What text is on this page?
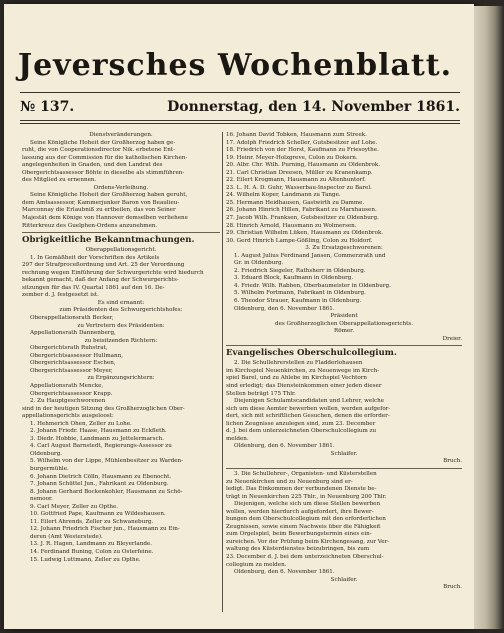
Jeversches Wochenblatt.
№ 137.	Donnerstag, den 14. November 1861.
Dienstveränderungen.
Seine Königliche Hoheit der Großherzog haben ge-
ruht, die von Cooperationsdirector Nik. erbetene Ent-
lassung aus der Commission für die katholischen Kirchen-
angelegenheiten in Gnaden, und den Landrat des
Obergerichtsassessor Böhte in dieselbe als stimmführen-
des Mitglied zu ernennen.
Ordens-Verleihung.
Seine Königliche Hoheit der Großherzog haben geruht,
dem Amtsassessor, Kammerjunker Baron von Beaulieu-
Marconnay die Erlaubniß zu ertheilen, das von Seiner
Majestät dem Könige von Hannover demselben verliehene
Ritterkreuz des Guelphen-Ordens anzunehmen.
Obrigkeitliche Bekanntmachungen.
Oberappellationsgericht.
1. In Gemäßheit der Vorschriften des Artikels
297 der Strafproceßordnung und Art. 25 der Verordnung
rechnung wegen Einführung der Schwurgerichte wird hiedurch
bekannt gemacht, daß der Anfang der Schwurgerichts-
sitzungen für das IV. Quartal 1861 auf den 16. De-
zember d. J. festgesetzt ist.
Es sind ernannt:
zum Präsidenten des Schwurgerichtshofes:
Oberappellationsrath Becker,
zu Vertretern des Präsidenten:
Appellationsrath Dannenberg,
zu beisitzenden Richtern:
Obergerichtsrath Ruhstrat,
Obergerichtsassessor Hullmann,
Obergerichtsassessor Eschen,
Obergerichtsassessor Meyer,
zu Ergänzungsrichtern:
Appellationsrath Mencke,
Obergerichtsassessor Krapp.
2. Zu Hauptgeschworenen
sind in der heutigen Sitzung des Großherzoglichen Ober-
appellationsgerichts ausgeloost:
1. Hehmerich Ohen, Zeller zu Lohe.
2. Johann Friedr. Haase, Hausmann zu Eckfleth.
3. Diedr. Hobbie, Landmann zu Jettelermarsch.
4. Carl August Barnstedt, Regierungs-Assessor zu
Oldenburg.
5. Wilhelm von der Lippe, Mühlenbesitzer zu Warden-
burgermühle.
6. Johann Dietrich Cölln, Hausmann zu Ebenocht.
7. Johann Schüttel Jun., Fabrikant zu Oldenburg.
8. Johann Gerhard Bockenkohler, Hausmann zu Schö-
nemoor.
9. Carl Meyer, Zeller zu Opthe.
10. Gottfried Pape, Kaufmann zu Wildeshausen.
11. Eilert Ahrends, Zeller zu Schwaneburg.
12. Johann Friedrich Fischer jun., Hausmann zu Ein-
deren (Amt Westerstede).
13. J. R. Hagen, Landmann zu Bleyerlande.
14. Ferdinand Buning, Colon zu Osterfeine.
15. Ludwig Luttmann, Zeller zu Opthe.
16. Johann David Tobken, Hausmann zum Streek.
17. Adolph Friedrich Scheller, Gutsbesitzer auf Lohe.
18. Friedrich von der Horst, Kaufmann zu Friesoythe.
19. Heinr. Meyer-Holzgreve, Colon zu Dokern.
20. Albr. Chr. Wilh. Purning, Hausmann zu Oldenbrok.
21. Carl Christian Dreesen, Müller zu Kranenkamp.
22. Eilert Krogmann, Hausmann zu Altenhuntorf.
23. L. H. A. D. Guhr, Wasserbau-Inspector zu Barel.
24. Wilhelm Koper, Landmann zu Tange.
25. Hermann Heidhausen, Gastwirth zu Damme.
26. Johann Hinrich Hillen, Fabrikant zu Marxhausen.
27. Jacob Wilh. Franksen, Gutsbesitzer zu Oldenburg.
28. Hinrich Arnold, Hausmann zu Wolmersen.
29. Christian Wilhelm Lüken, Hausmann zu Oldenbrok.
30. Gerd Hinrich Lampe-Gößling, Colon zu Holdorf.
3. Zu Ersatzgeschworenen:
1. August Julius Ferdinand Jansen, Commerzrath und
Gr. in Oldenburg.
2. Friedrich Siegeler, Rathsherr in Oldenburg.
3. Eduard Block, Kaufmann in Oldenburg.
4. Friedr. Wilh. Rabben, Oberbaumeister in Oldenburg.
5. Wilhelm Fortmann, Fabrikant in Oldenburg.
6. Theodor Strauer, Kaufmann in Oldenburg.
Oldenburg, den 6. November 1861.
Präsident
des Großherzoglichen Oberappellationsgerichts.
Römer.
Dreier.
Evangelisches Oberschulcollegium.
2. Die Schullehrerstellen zu Fladderlohausen
im Kirchspiel Neuenkirchen, zu Neuenwege im Kirch-
spiel Barel, und zu Ahlebe im Kirchspiel Vechtorn
sind erledigt; das Diensteinkommen einer jeden dieser
Stellen beträgt 175 Thlr.
Diejenigen Schulamtscandidaten und Lehrer, welche
sich um diese Aemter bewerben wollen, werden aufgefor-
dert, sich mit schriftlichen Gesuchen, denen die erforder-
lichen Zeugnisse anzulegen sind, zum 23. December
d. J. bei dem unterzeichneten Oberschulcollegium zu
melden.
Oldenburg, den 6. November 1861.
Schlaifer.
Bruch.
3. Die Schullehrer-, Organisten- und Küsterstellen
zu Neuenkirchen und zu Neuenburg sind er-
ledigt. Das Einkommen der verbundenen Dienste be-
trägt in Neuenkirchen 225 Thlr., in Neuenburg 200 Thlr.
Diejenigen, welche sich um diese Stellen bewerben
wollen, werden hierdurch aufgefordert, ihre Bewer-
bungen dem Oberschulcollegium mit den erforderlichen
Zeugnissen, sowie einem Nachweis über die Fähigkeit
zum Orgelspiel, beim Bewerbungstermin eines ein-
zureichen. Vor der Prüfung beim Kirchengesang, zur Ver-
waltung des Küsterdienstes beizubringen, bis zum
23. December d. J. bei dem unterzeichneten Oberschul-
collegium zu melden.
Oldenburg, den 6. November 1861.
Schlaifer.
Bruch.
